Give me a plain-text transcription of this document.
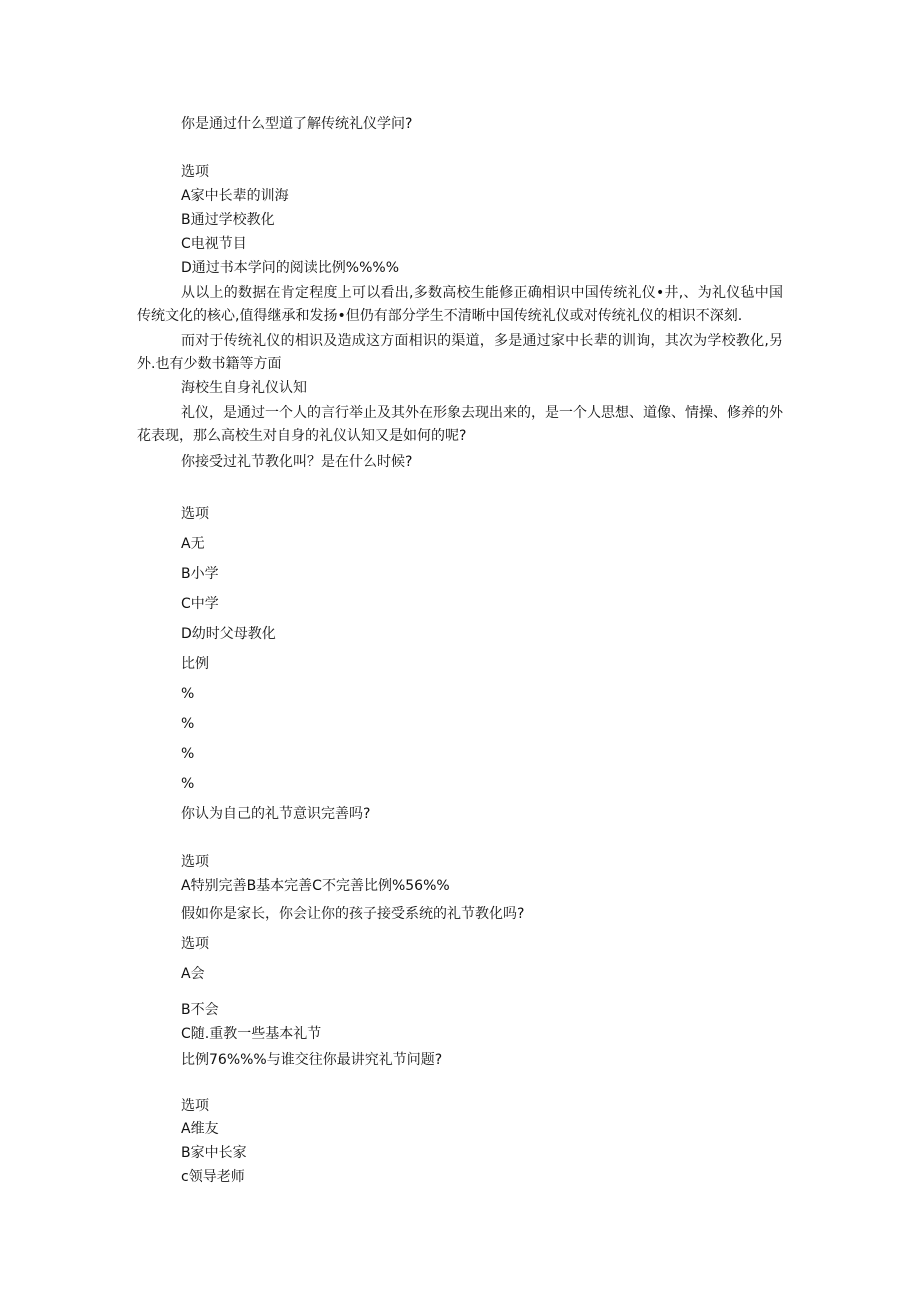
你是通过什么型道了解传统礼仪学问?

选项

A家中长辈的训海

B通过学校教化

C电视节目

D通过书本学问的阅读比例%%%%

从以上的数据在肯定程度上可以看出,多数高校生能修正确相识中国传统礼仪•井,、为礼仪毡中国传统文化的核心,值得继承和发扬•但仍有部分学生不清晰中国传统礼仪或对传统礼仪的相识不深刻.

而对于传统礼仪的相识及造成这方面相识的渠道，多是通过家中长辈的训询，其次为学校教化,另外.也有少数书籍等方面

海校生自身礼仪认知

礼仪，是通过一个人的言行举止及其外在形象去现出来的，是一个人思想、道像、情操、修养的外花表现，那么高校生对自身的礼仪认知又是如何的呢?

你接受过礼节教化叫？是在什么时候?

选项

A无

B小学

C中学

D幼时父母教化

比例

%

%

%

%

你认为自己的礼节意识完善吗?

选项

A特别完善B基本完善C不完善比例%56%%

假如你是家长，你会让你的孩子接受系统的礼节教化吗?

选项

A会

B不会

C随.重教一些基本礼节

比例76%%%与谁交往你最讲究礼节问题?

选项

A维友

B家中长家

c领导老师
